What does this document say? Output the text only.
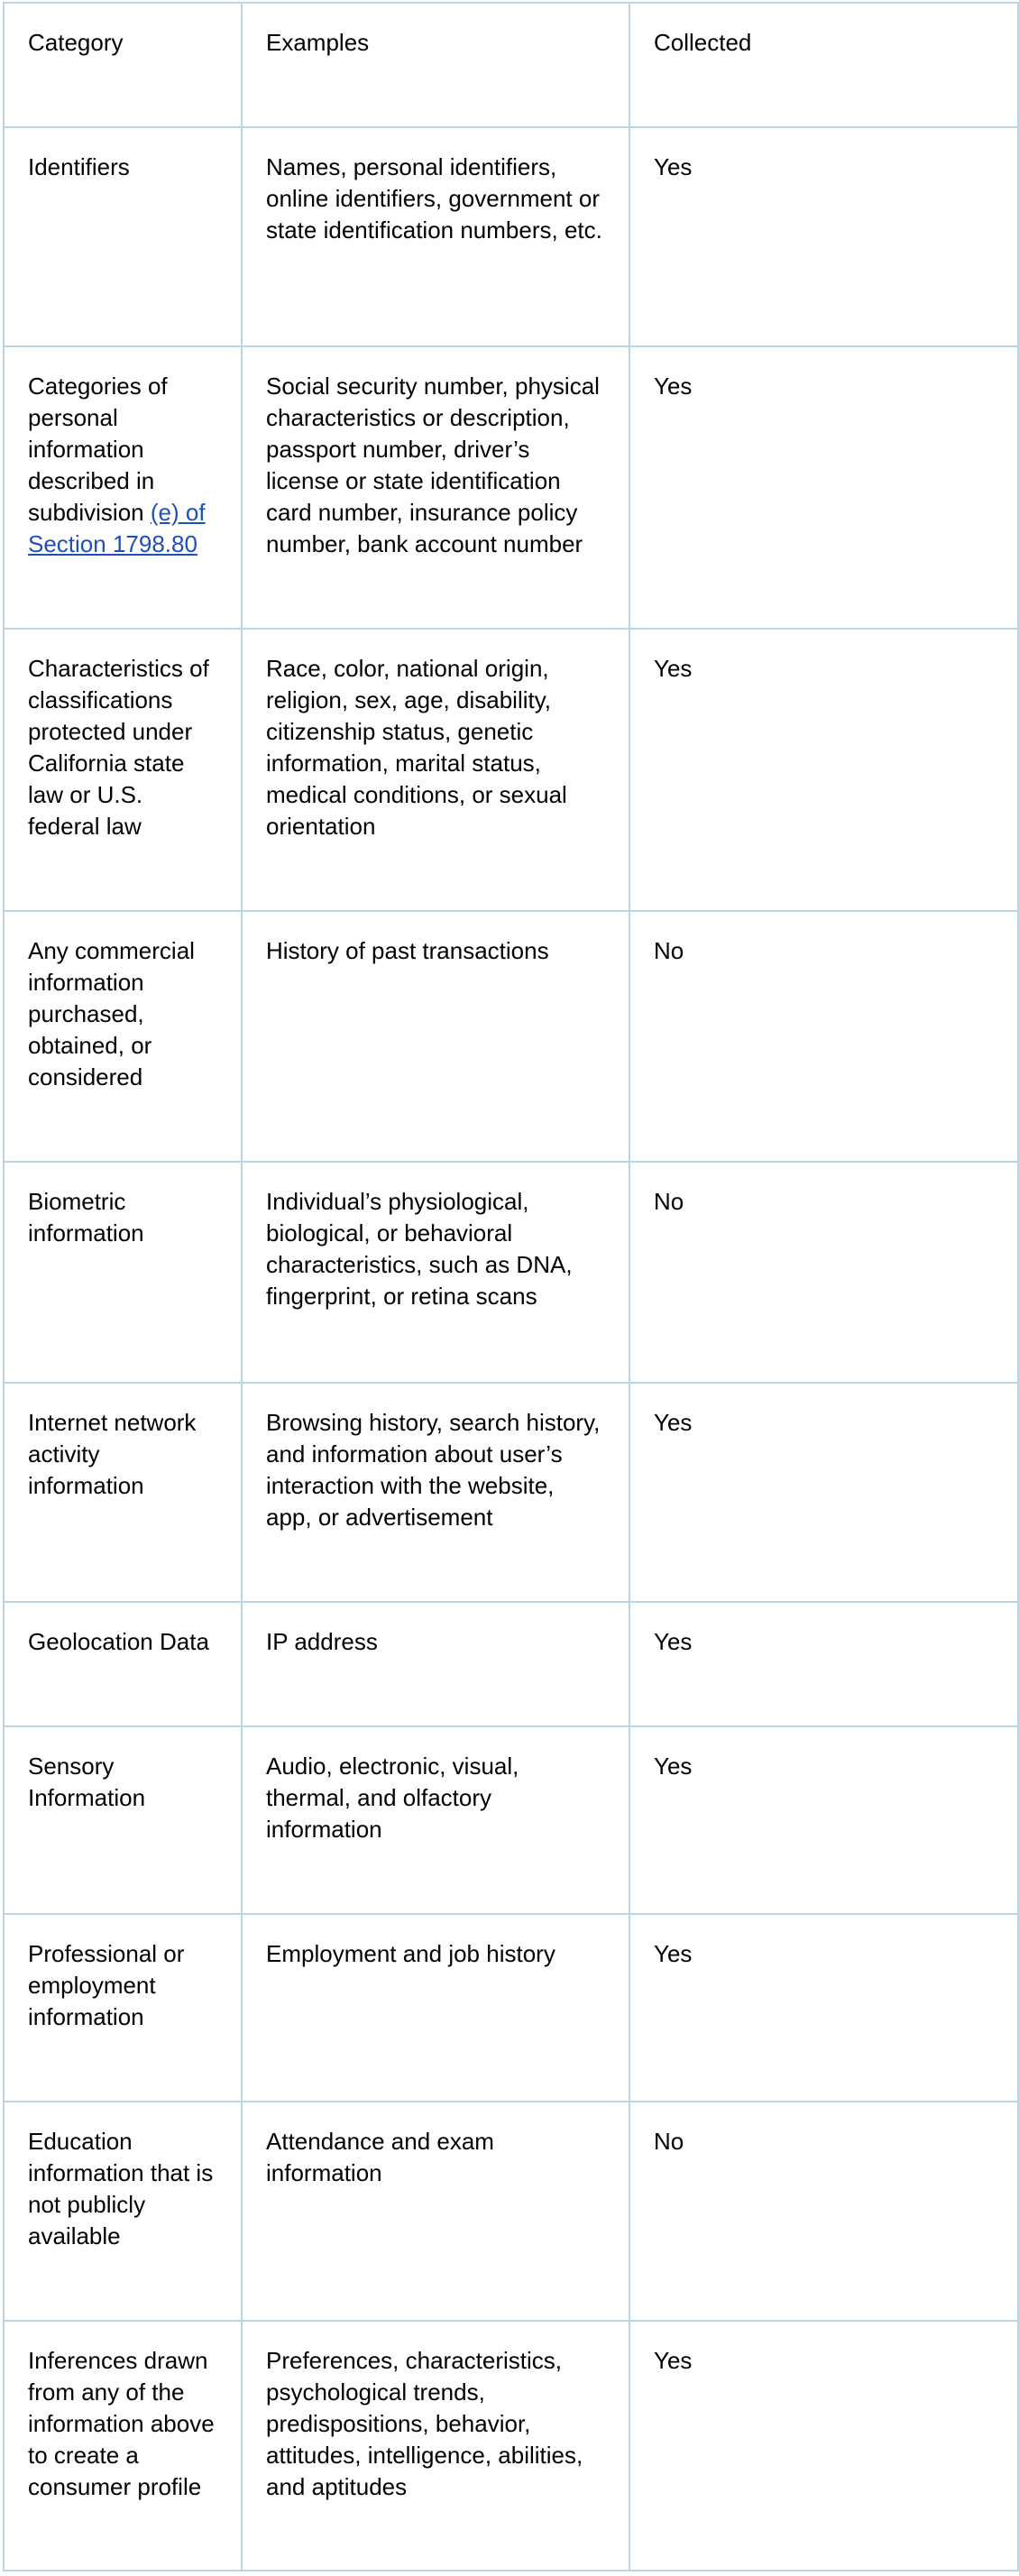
Category	Examples	Collected
Identifiers	Names, personal identifiers, online identifiers, government or state identification numbers, etc.	Yes
Categories of personal information described in subdivision (e) of Section 1798.80	Social security number, physical characteristics or description, passport number, driver’s license or state identification card number, insurance policy number, bank account number	Yes
Characteristics of classifications protected under California state law or U.S. federal law	Race, color, national origin, religion, sex, age, disability, citizenship status, genetic information, marital status, medical conditions, or sexual orientation	Yes
Any commercial information purchased, obtained, or considered	History of past transactions	No
Biometric information	Individual’s physiological, biological, or behavioral characteristics, such as DNA, fingerprint, or retina scans	No
Internet network activity information	Browsing history, search history, and information about user’s interaction with the website, app, or advertisement	Yes
Geolocation Data	IP address	Yes
Sensory Information	Audio, electronic, visual, thermal, and olfactory information	Yes
Professional or employment information	Employment and job history	Yes
Education information that is not publicly available	Attendance and exam information	No
Inferences drawn from any of the information above to create a consumer profile	Preferences, characteristics, psychological trends, predispositions, behavior, attitudes, intelligence, abilities, and aptitudes	Yes
